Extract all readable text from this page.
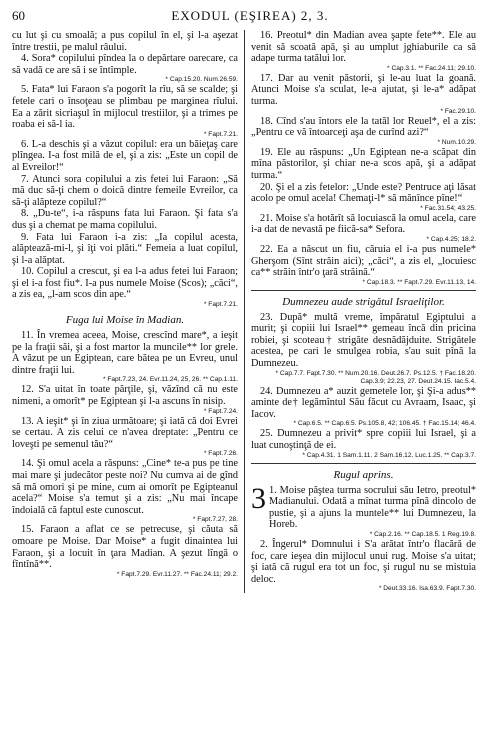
60	EXODUL (EŞIREA) 2, 3.

cu lut şi cu smoală; a pus copilul în el, şi l-a aşezat între trestii, pe malul râului.

4. Sora* copilului pîndea la o depărtare oarecare, ca să vadă ce are să i se întîmple.

* Cap.15.20. Num.26.59.

5. Fata* lui Faraon s'a pogorît la rîu, să se scalde; şi fetele cari o însoţeau se plimbau pe marginea rîului. Ea a zărit sicriaşul în mijlocul trestiilor, şi a trimes pe roaba ei să-l ia.

* Fapt.7.21.

6. L-a deschis şi a văzut copilul: era un băieţaş care plîngea. I-a fost milă de el, şi a zis: „Este un copil de al Evreilor!“

7. Atunci sora copilului a zis fetei lui Faraon: „Să mă duc să-ţi chem o doică dintre femeile Evreilor, ca să-ţi alăpteze copilul?“

8. „Du-te“, i-a răspuns fata lui Faraon. Şi fata s'a dus şi a chemat pe mama copilului.

9. Fata lui Faraon i-a zis: „Ia copilul acesta, alăptează-mi-l, şi îţi voi plăti.“ Femeia a luat copilul, şi l-a alăptat.

10. Copilul a crescut, şi ea l-a adus fetei lui Faraon; şi el i-a fost fiu*. I-a pus numele Moise (Scos); „căci“, a zis ea, „l-am scos din ape.“

* Fapt.7.21.

Fuga lui Moise în Madian.

11. În vremea aceea, Moise, crescînd mare*, a ieşit pe la fraţii săi, şi a fost martor la muncile** lor grele. A văzut pe un Egiptean, care bătea pe un Evreu, unul dintre fraţii lui.

* Fapt.7.23, 24. Evr.11.24, 25, 26. ** Cap.1.11.

12. S'a uitat în toate părţile, şi, văzînd că nu este nimeni, a omorît* pe Egiptean şi l-a ascuns în nisip.

* Fapt.7.24.

13. A ieşit* şi în ziua următoare; şi iată că doi Evrei se certau. A zis celui ce n'avea dreptate: „Pentru ce loveşti pe semenul tău?“

* Fapt.7.26.

14. Şi omul acela a răspuns: „Cine* te-a pus pe tine mai mare şi judecător peste noi? Nu cumva ai de gînd să mă omori şi pe mine, cum ai omorît pe Egipteanul acela?“ Moise s'a temut şi a zis: „Nu mai încape îndoială că faptul este cunoscut.

* Fapt.7.27, 28.

15. Faraon a aflat ce se petrecuse, şi căuta să omoare pe Moise. Dar Moise* a fugit dinaintea lui Faraon, şi a locuit în ţara Madian. A şezut lîngă o fîntînă**.

* Fapt.7.29. Evr.11.27. ** Fac.24.11; 29.2.

16. Preotul* din Madian avea şapte fete**. Ele au venit să scoată apă, şi au umplut jghiaburile ca să adape turma tatălui lor.

* Cap.3.1. ** Fac.24.11; 29.10.

17. Dar au venit păstorii, şi le-au luat la goană. Atunci Moise s'a sculat, le-a ajutat, şi le-a* adăpat turma.

* Fac.29.10.

18. Cînd s'au întors ele la tatăl lor Reuel*, el a zis: „Pentru ce vă întoarceţi aşa de curînd azi?“

* Num.10.29.

19. Ele au răspuns: „Un Egiptean ne-a scăpat din mîna păstorilor, şi chiar ne-a scos apă, şi a adăpat turma.“

20. Şi el a zis fetelor: „Unde este? Pentruce aţi lăsat acolo pe omul acela! Chemaţi-l* să mănînce pîne!“

* Fac.31.54; 43.25.

21. Moise s'a hotărît să locuiască la omul acela, care i-a dat de nevastă pe fiică-sa* Sefora.

* Cap.4.25; 18.2.

22. Ea a născut un fiu, căruia el i-a pus numele* Gherşom (Sînt străin aici); „căci“, a zis el, „locuiesc ca** străin într'o ţară străină.“

* Cap.18.3. ** Fapt.7.29. Evr.11.13, 14.

Dumnezeu aude strigătul Israeliţilor.

23. După* multă vreme, împăratul Egiptului a murit; şi copiii lui Israel** gemeau încă din pricina robiei, şi scoteau† strigăte desnădăjduite. Strigătele acestea, pe cari le smulgea robia, s'au suit pînă la Dumnezeu.

* Cap.7.7. Fapt.7.30. ** Num.20.16. Deut.26.7. Ps.12.5. † Fac.18.20. Cap.3.9; 22.23, 27. Deut.24.15. Iac.5.4.

24. Dumnezeu a* auzit gemetele lor, şi Şi-a adus** aminte de† legămîntul Său făcut cu Avraam, Isaac, şi Iacov.

* Cap.6.5. ** Cap.6.5. Ps.105.8, 42; 106.45. † Fac.15.14; 46.4.

25. Dumnezeu a privit* spre copiii lui Israel, şi a luat cunoştinţă de ei.

* Cap.4.31. 1 Sam.1.11. 2 Sam.16.12. Luc.1.25. ** Cap.3.7.

Rugul aprins.

3 1. Moise păştea turma socrului său Ietro, preotul* Madianului. Odată a mînat turma pînă dincolo de pustie, şi a ajuns la muntele** lui Dumnezeu, la Horeb.

* Cap.2.16. ** Cap.18.5. 1 Reg.19.8.

2. Îngerul* Domnului i S'a arătat într'o flacără de foc, care ieşea din mijlocul unui rug. Moise s'a uitat; şi iată că rugul era tot un foc, şi rugul nu se mistuia deloc.

* Deut.33.16. Isa.63.9. Fapt.7.30.
